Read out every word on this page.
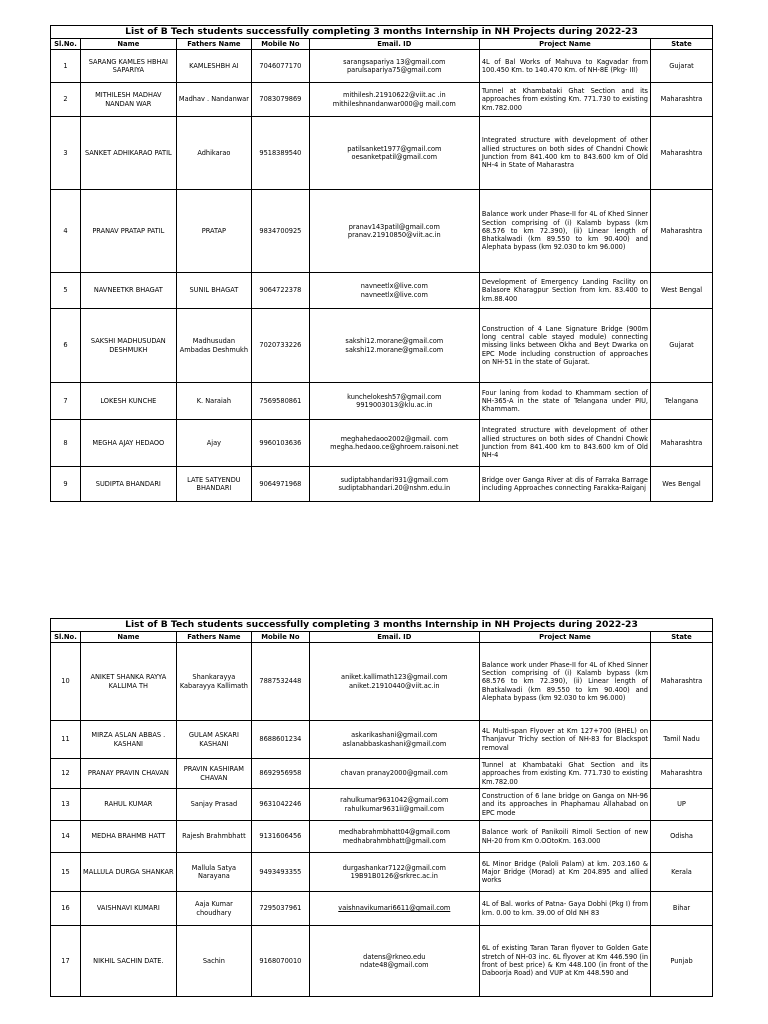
List of B Tech students successfully completing 3 months Internship in NH Projects during 2022-23						
Sl.No.	Name	Fathers Name	Mobile No	Email. ID	Project Name	State
1	SARANG KAMLES HBHAI SAPARIYA	KAMLESHBH AI	7046077170	sarangsapariya 13@gmail.com
parulsapariya75@gmail.com	4L of Bal Works of Mahuva to Kagvadar from 100.450 Km. to 140.470 Km. of NH-8E (Pkg- III)	Gujarat
2	MITHILESH MADHAV NANDAN WAR	Madhav . Nandanwar	7083079869	mithilesh.21910622@viit.ac .in
mithileshnandanwar000@g mail.com	Tunnel at Khambataki Ghat Section and its approaches from existing Km. 771.730 to existing Km.782.000	Maharashtra
3	SANKET ADHIKARAO PATIL	Adhikarao	9518389540	patilsanket1977@gmail.com
oesanketpatil@gmail.com	Integrated structure with development of other allied structures on both sides of Chandni Chowk Junction from 841.400 km to 843.600 km of Old NH-4 in State of Maharastra	Maharashtra
4	PRANAV PRATAP PATIL	PRATAP	9834700925	pranav143patil@gmail.com
pranav.21910850@viit.ac.in	Balance work under Phase-II for 4L of Khed Sinner Section comprising of (i) Kalamb bypass (km 68.576 to km 72.390), (ii) Linear length of Bhatkalwadi (km 89.550 to km 90.400) and Alephata bypass (km 92.030 to km 96.000)	Maharashtra
5	NAVNEETKR BHAGAT	SUNIL BHAGAT	9064722378	navneetlx@live.com
navneetlx@live.com	Development of Emergency Landing Facility on Balasore Kharagpur Section from km. 83.400 to km.88.400	West Bengal
6	SAKSHI MADHUSUDAN DESHMUKH	Madhusudan Ambadas Deshmukh	7020733226	sakshi12.morane@gmail.com
sakshi12.morane@gmail.com	Construction of 4 Lane Signature Bridge (900m long central cable stayed module) connecting missing links between Okha and Beyt Dwarka on EPC Mode including construction of approaches on NH-51 in the state of Gujarat.	Gujarat
7	LOKESH KUNCHE	K. Naraiah	7569580861	kunchelokesh57@gmail.com
9919003013@klu.ac.in	Four laning from kodad to Khammam section of NH-365-A in the state of Telangana under PIU, Khammam.	Telangana
8	MEGHA AJAY HEDAOO	Ajay	9960103636	meghahedaoo2002@gmail. com
megha.hedaoo.ce@ghroem.raisoni.net	Integrated structure with development of other allied structures on both sides of Chandni Chowk Junction from 841.400 km to 843.600 km of Old NH-4	Maharashtra
9	SUDIPTA BHANDARI	LATE SATYENDU BHANDARI	9064971968	sudiptabhandari931@gmail.com
sudiptabhandari.20@nshm.edu.in	Bridge over Ganga River at dis of Farraka Barrage including Approaches connecting Farakka-Raiganj	Wes Bengal
List of B Tech students successfully completing 3 months Internship in NH Projects during 2022-23						
Sl.No.	Name	Fathers Name	Mobile No	Email. ID	Project Name	State
10	ANIKET SHANKA RAYYA KALLIMA TH	Shankarayya Kabarayya Kallimath	7887532448	aniket.kallimath123@gmail.com
aniket.21910440@viit.ac.in	Balance work under Phase-II for 4L of Khed Sinner Section comprising of (i) Kalamb bypass (km 68.576 to km 72.390), (ii) Linear length of Bhatkalwadi (km 89.550 to km 90.400) and Alephata bypass (km 92.030 to km 96.000)	Maharashtra
11	MIRZA ASLAN ABBAS . KASHANI	GULAM ASKARI KASHANI	8688601234	askarikashani@gmail.com
aslanabbaskashani@gmail.com	4L Multi-span Flyover at Km 127+700 (BHEL) on Thanjavur Trichy section of NH-83 for Blackspot removal	Tamil Nadu
12	PRANAY PRAVIN CHAVAN	PRAVIN KASHIRAM CHAVAN	8692956958	chavan pranay2000@gmail.com	Tunnel at Khambataki Ghat Section and its approaches from existing Km. 771.730 to existing Km.782.00	Maharashtra
13	RAHUL KUMAR	Sanjay Prasad	9631042246	rahulkumar9631042@gmail.com
rahulkumar9631ii@gmail.com	Construction of 6 lane bridge on Ganga on NH-96 and its approaches in Phaphamau Allahabad on EPC mode	UP
14	MEDHA BRAHMB HATT	Rajesh Brahmbhatt	9131606456	medhabrahmbhatt04@gmail.com
medhabrahmbhatt@gmail.com	Balance work of Panikoili Rimoli Section of new NH-20 from Km 0.OOtoKm. 163.000	Odisha
15	MALLULA DURGA SHANKAR	Mallula Satya Narayana	9493493355	durgashankar7122@gmail.com
19B91B0126@srkrec.ac.in	6L Minor Bridge (Paloli Palam) at km. 203.160 & Major Bridge (Morad) at Km 204.895 and allied works	Kerala
16	VAISHNAVI KUMARI	Aaja Kumar choudhary	7295037961	vaishnavikumari6611@gmail.com	4L of Bal. works of Patna- Gaya Dobhi (Pkg I) from km. 0.00 to km. 39.00 of Old NH 83	Bihar
17	NIKHIL SACHIN DATE.	Sachin	9168070010	datens@rkneo.edu
ndate48@gmail.com	6L of existing Taran Taran flyover to Golden Gate stretch of NH-03 inc. 6L flyover at Km 446.590 (in front of best price) & Km 448.100 (in front of the Daboorja Road) and VUP at Km 448.590 and	Punjab
